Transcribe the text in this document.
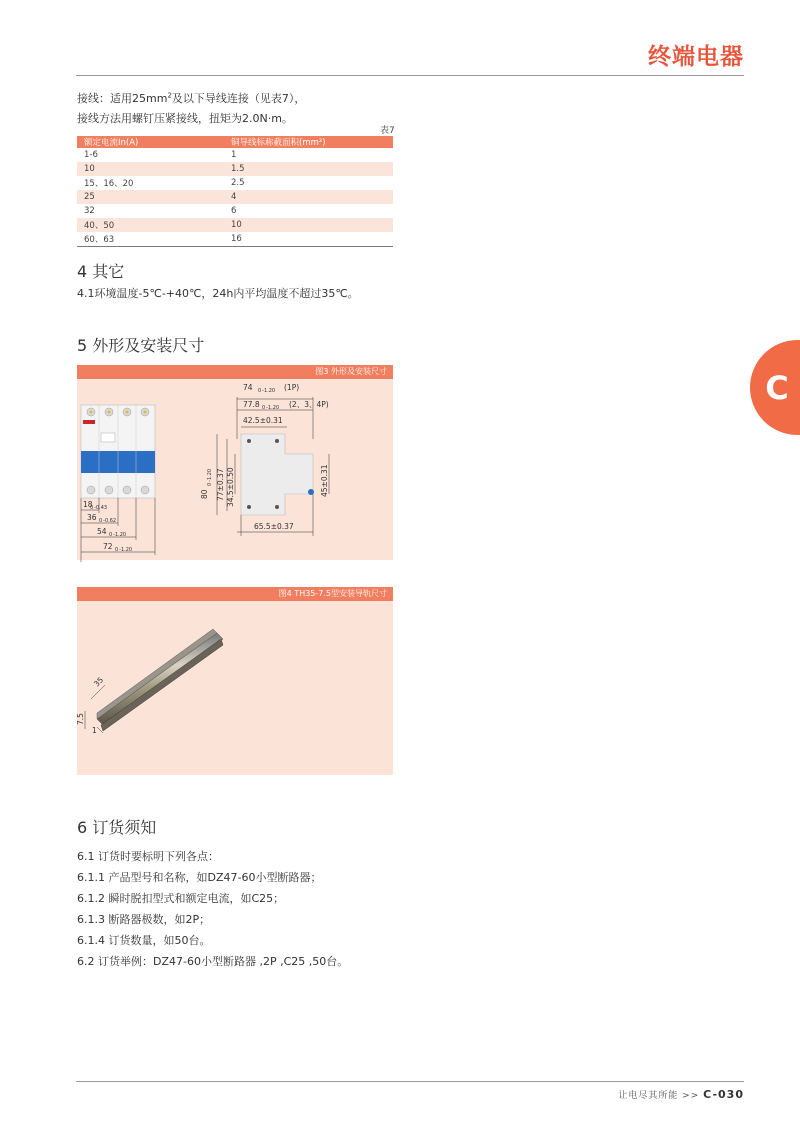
终端电器
C
接线：适用$25mm^2$及以下导线连接（见表7），
接线方法用螺钉压紧接线，扭矩为2.0N·m。
表7
额定电流In(A)	铜导线标称截面积(mm²)
1-6	1
10	1.5
15、16、20	2.5
25	4
32	6
40、50	10
60、63	16
4 其它
4.1环境温度-5℃-+40℃，24h内平均温度不超过35℃。
5 外形及安装尺寸
图3 外形及安装尺寸
18
0 -0.43
36 0 -0.62
54 0 -1.20
72 0 -1.20
74 0 -1.20 (1P)
77.8 0 -1.20 (2、3、4P)
42.5±0.31
80
0 -1.20 77±0.37 34.5±0.50	45±0.31
65.5±0.37
图4 TH35-7.5型安装导轨尺寸
35
7.5
1
6 订货须知
6.1 订货时要标明下列各点：
6.1.1 产品型号和名称，如DZ47-60小型断路器；
6.1.2 瞬时脱扣型式和额定电流，如C25；
6.1.3 断路器极数，如2P；
6.1.4 订货数量，如50台。
6.2 订货举例：DZ47-60小型断路器 ,2P ,C25 ,50台。
让电尽其所能 >> C-030
